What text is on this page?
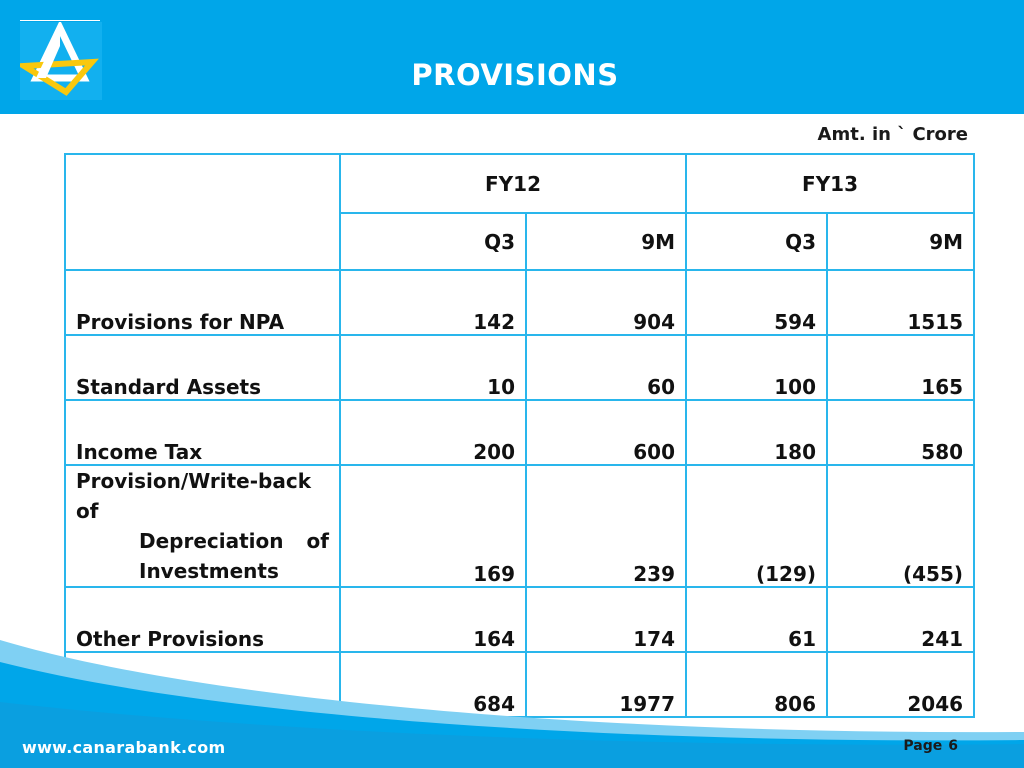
PROVISIONS
Amt. in ` Crore
	FY12		FY13	
	Q3	9M	Q3	9M
Provisions for NPA	142	904	594	1515
Standard Assets	10	60	100	165
Income Tax	200	600	180	580

Provision/Write-back of
Depreciation of
Investments	169	239	(129)	(455)
Other Provisions	164	174	61	241
	684	1977	806	2046
www.canarabank.com	Page 6
